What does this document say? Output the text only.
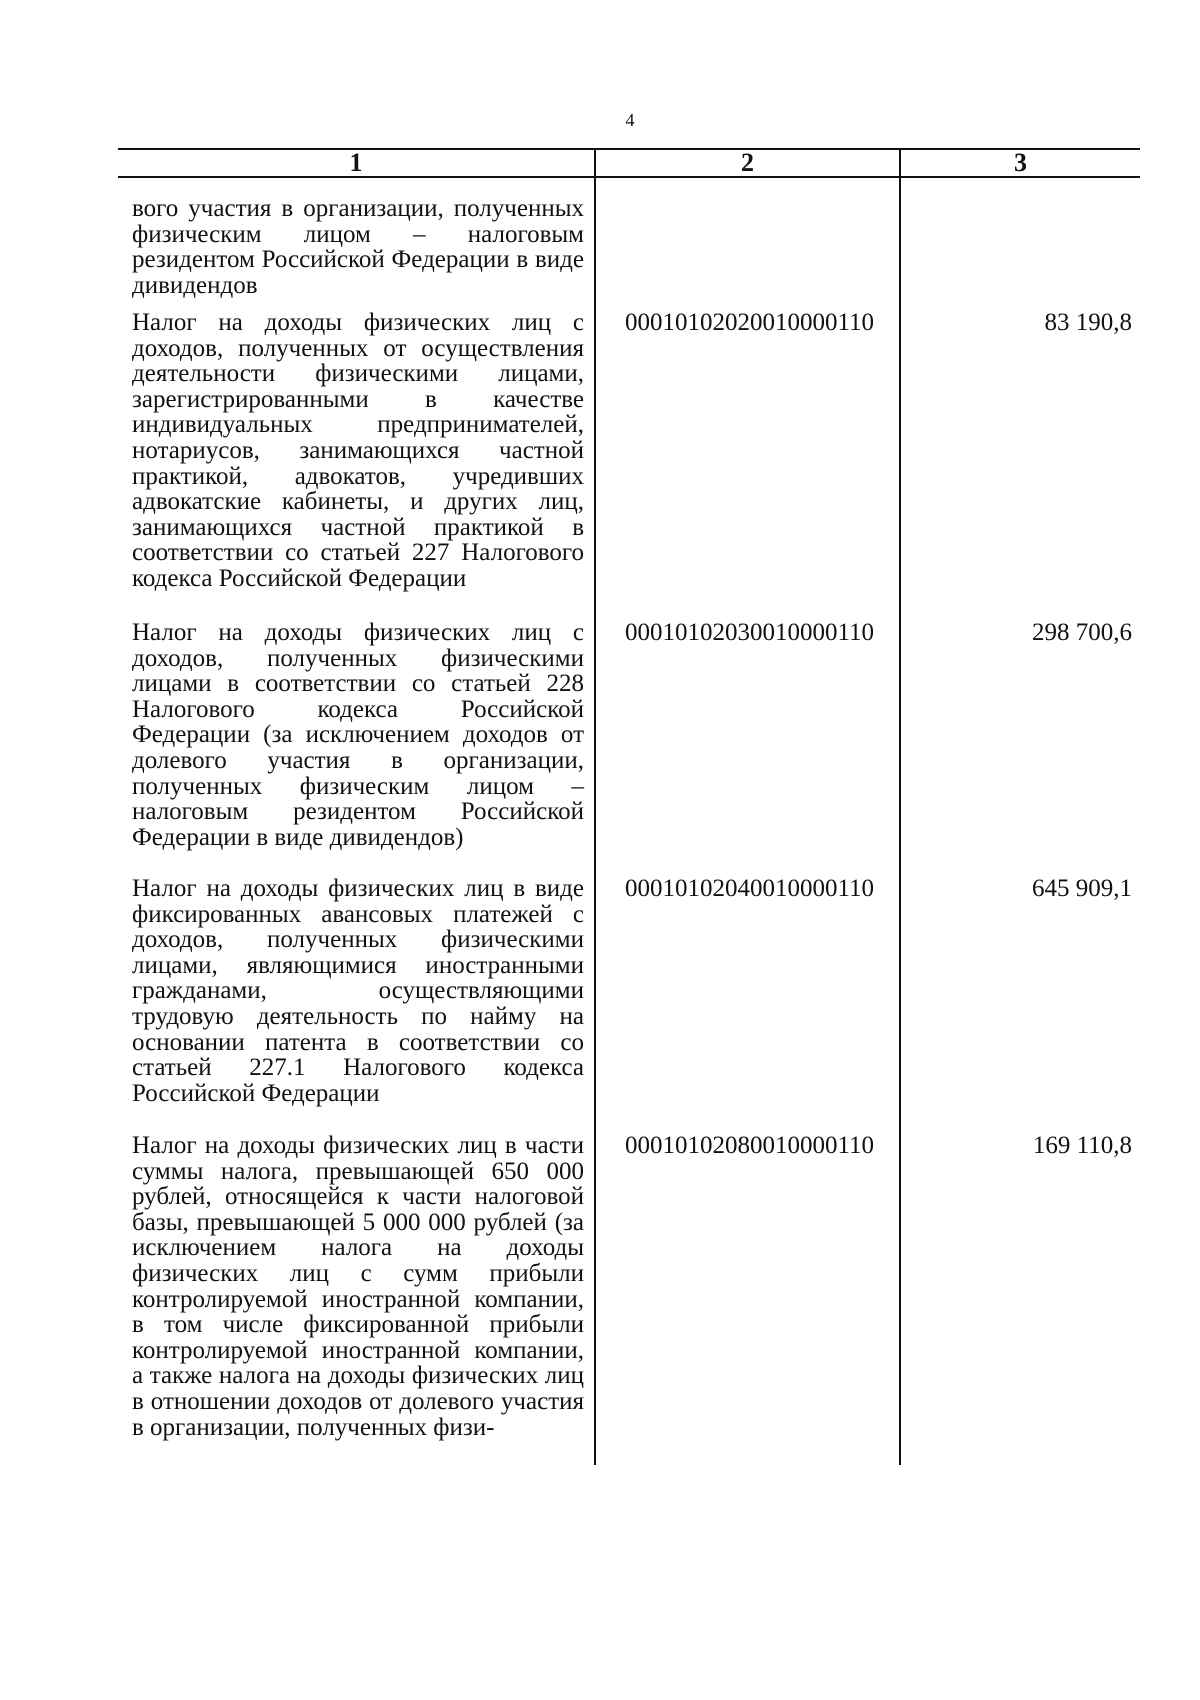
4
1	2	3
вого участия в организации, полученных физическим лицом – налоговым резидентом Российской Федерации в виде дивидендов
Налог на доходы физических лиц с доходов, полученных от осуществления деятельности физическими лицами, зарегистрированными в качестве индивидуальных предпринимателей, нотариусов, занимающихся частной практикой, адвокатов, учредивших адвокатские кабинеты, и других лиц, занимающихся частной практикой в соответствии со статьей 227 Налогового кодекса Российской Федерации
00010102020010000110	83 190,8
Налог на доходы физических лиц с доходов, полученных физическими лицами в соответствии со статьей 228 Налогового кодекса Российской Федерации (за исключением доходов от долевого участия в организации, полученных физическим лицом – налоговым резидентом Российской Федерации в виде дивидендов)
00010102030010000110	298 700,6
Налог на доходы физических лиц в виде фиксированных авансовых платежей с доходов, полученных физическими лицами, являющимися иностранными гражданами, осуществляющими трудовую деятельность по найму на основании патента в соответствии со статьей 227.1 Налогового кодекса Российской Федерации
00010102040010000110	645 909,1
Налог на доходы физических лиц в части суммы налога, превышающей 650 000 рублей, относящейся к части налоговой базы, превышающей 5 000 000 рублей (за исключением налога на доходы физических лиц с сумм прибыли контролируемой иностранной компании, в том числе фиксированной прибыли контролируемой иностранной компании, а также налога на доходы физических лиц в отношении доходов от долевого участия в организации, полученных физи-
00010102080010000110	169 110,8
